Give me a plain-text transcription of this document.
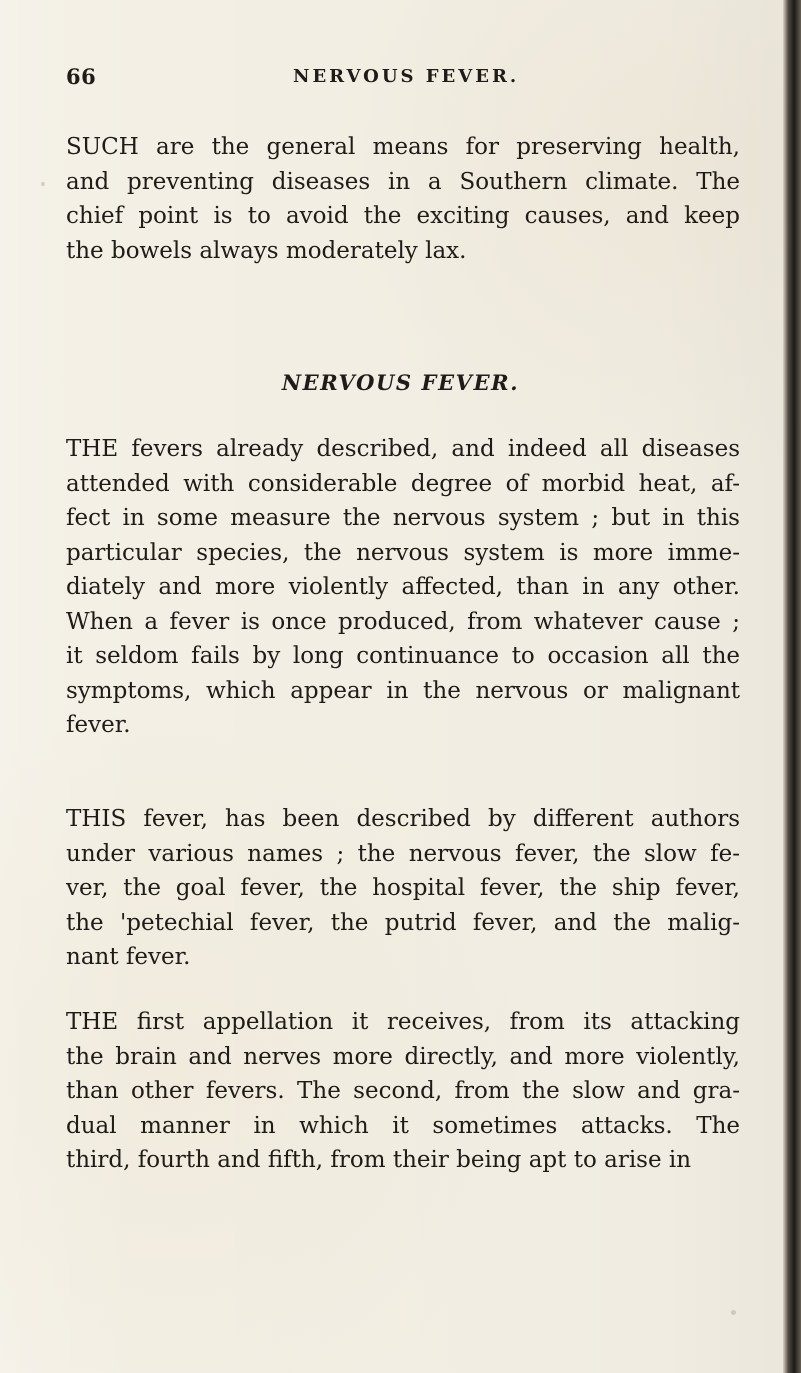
66	NERVOUS FEVER.
SUCH are the general means for preserving health,
and preventing diseases in a Southern climate. The
chief point is to avoid the exciting causes, and keep
the bowels always moderately lax.
NERVOUS FEVER.
THE fevers already described, and indeed all diseases
attended with considerable degree of morbid heat, af-
fect in some measure the nervous system ; but in this
particular species, the nervous system is more imme-
diately and more violently affected, than in any other.
When a fever is once produced, from whatever cause ;
it seldom fails by long continuance to occasion all the
symptoms, which appear in the nervous or malignant
fever.
THIS fever, has been described by different authors
under various names ; the nervous fever, the slow fe-
ver, the goal fever, the hospital fever, the ship fever,
the 'petechial fever, the putrid fever, and the malig-
nant fever.
THE first appellation it receives, from its attacking
the brain and nerves more directly, and more violently,
than other fevers. The second, from the slow and gra-
dual manner in which it sometimes attacks. The
third, fourth and fifth, from their being apt to arise in
